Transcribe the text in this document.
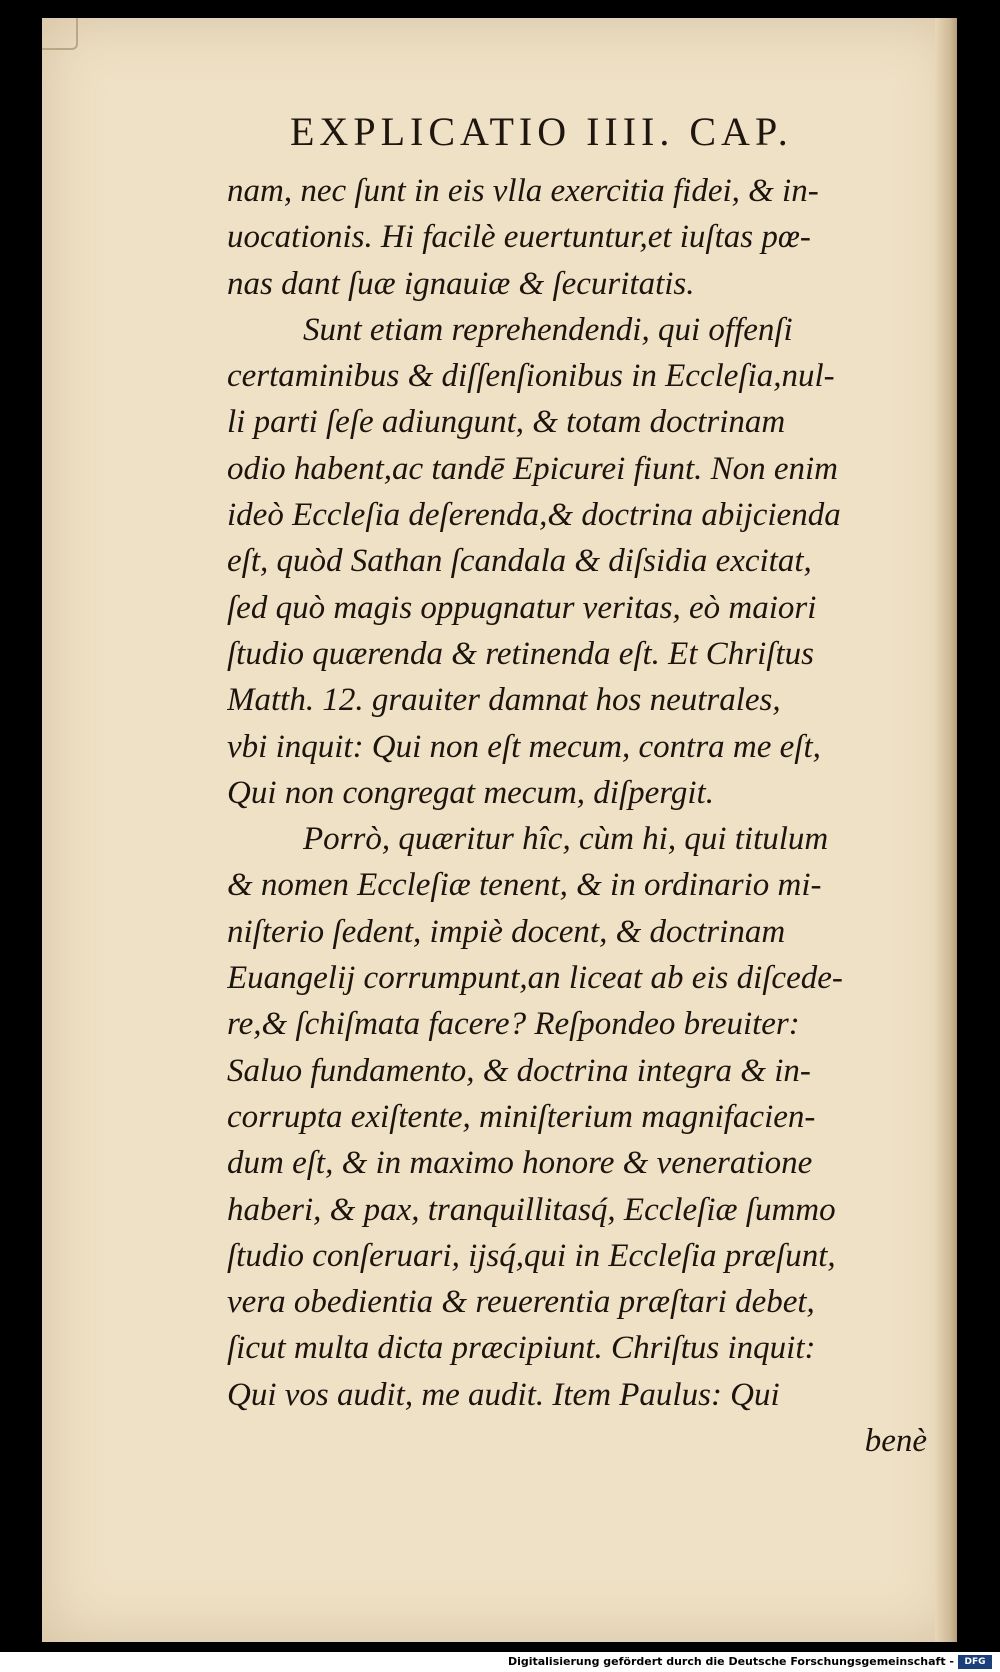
EXPLICATIO IIII. CAP.
nam, nec ſunt in eis vlla exercitia fidei, & in-
uocationis. Hi facilè euertuntur,et iuſtas pœ-
nas dant ſuæ ignauiæ & ſecuritatis.
Sunt etiam reprehendendi, qui offenſi
certaminibus & diſſenſionibus in Eccleſia,nul-
li parti ſeſe adiungunt, & totam doctrinam
odio habent,ac tandē Epicurei fiunt. Non enim
ideò Eccleſia deſerenda,& doctrina abijcienda
eſt, quòd Sathan ſcandala & diſsidia excitat,
ſed quò magis oppugnatur veritas, eò maiori
ſtudio quærenda & retinenda eſt. Et Chriſtus
Matth. 12. grauiter damnat hos neutrales,
vbi inquit: Qui non eſt mecum, contra me eſt,
Qui non congregat mecum, diſpergit.
Porrò, quæritur hîc, cùm hi, qui titulum
& nomen Eccleſiæ tenent, & in ordinario mi-
niſterio ſedent, impiè docent, & doctrinam
Euangelij corrumpunt,an liceat ab eis diſcede-
re,& ſchiſmata facere? Reſpondeo breuiter:
Saluo fundamento, & doctrina integra & in-
corrupta exiſtente, miniſterium magnifacien-
dum eſt, & in maximo honore & veneratione
haberi, & pax, tranquillitasq́, Eccleſiæ ſummo
ſtudio conſeruari, ijsq́,qui in Eccleſia præſunt,
vera obedientia & reuerentia præſtari debet,
ſicut multa dicta præcipiunt. Chriſtus inquit:
Qui vos audit, me audit. Item Paulus: Qui
benè
Digitalisierung gefördert durch die Deutsche Forschungsgemeinschaft -	DFG
